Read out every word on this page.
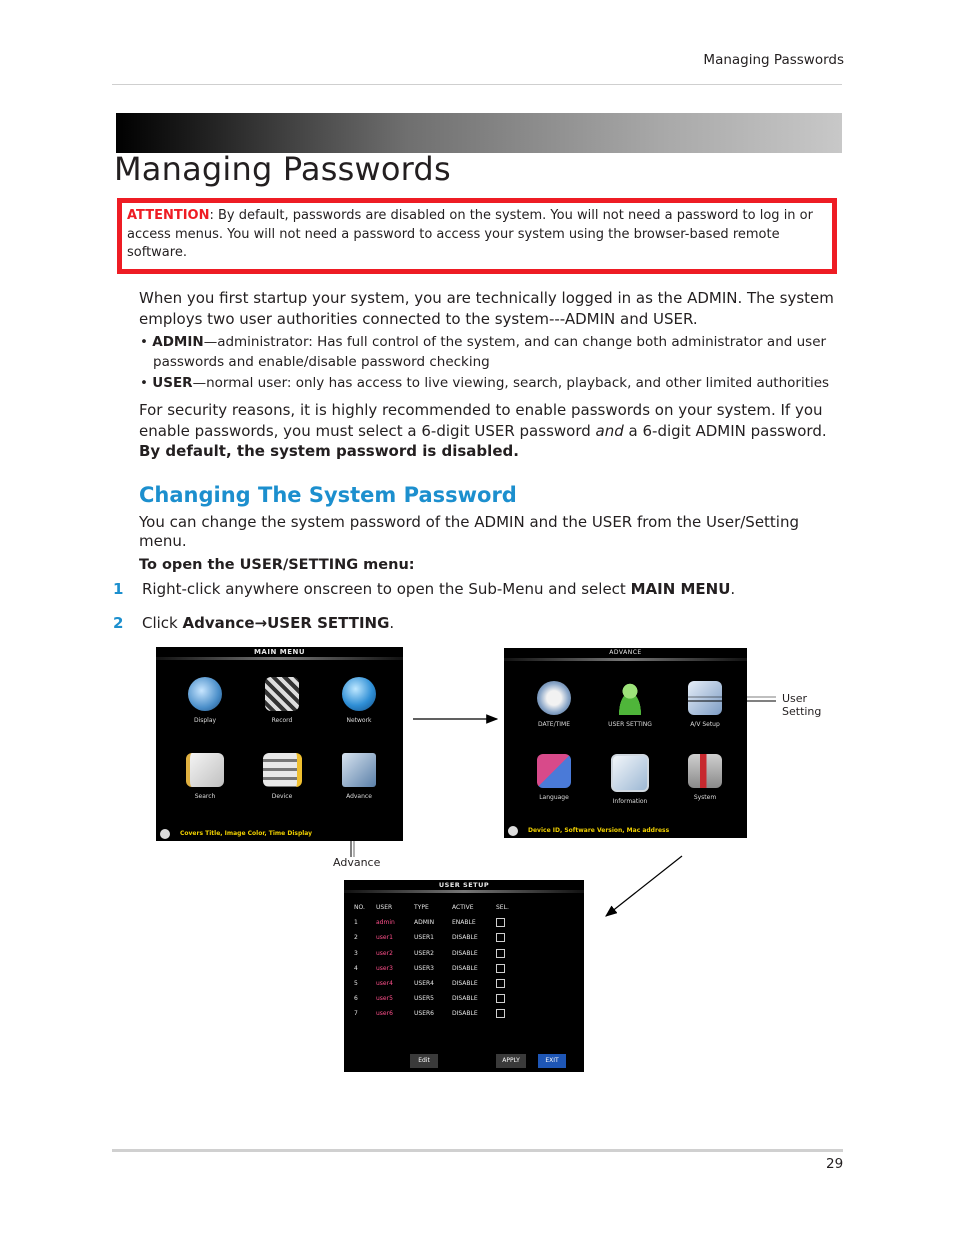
Managing Passwords
Managing Passwords
ATTENTION: By default, passwords are disabled on the system. You will not need a password to log in or access menus. You will not need a password to access your system using the browser-based remote software.
When you first startup your system, you are technically logged in as the ADMIN. The system employs two user authorities connected to the system---ADMIN and USER.
• ADMIN—administrator: Has full control of the system, and can change both administrator and user passwords and enable/disable password checking
• USER—normal user: only has access to live viewing, search, playback, and other limited authorities
For security reasons, it is highly recommended to enable passwords on your system. If you enable passwords, you must select a 6-digit USER password and a 6-digit ADMIN password. By default, the system password is disabled.
Changing The System Password
You can change the system password of the ADMIN and the USER from the User/Setting menu.
To open the USER/SETTING menu:
1 Right-click anywhere onscreen to open the Sub-Menu and select MAIN MENU.
2 Click Advance→USER SETTING.
MAIN MENU
Display	Record	Network
Search	Device	Advance
Covers Title, Image Color, Time Display
ADVANCE
DATE/TIME	USER SETTING	A/V Setup
Language
Information
System
Device ID, Software Version, Mac address
USER SETUP
NO.	USER	TYPE	ACTIVE	SEL.
1	admin	ADMIN	ENABLE
2	user1	USER1	DISABLE
3	user2	USER2	DISABLE
4	user3	USER3	DISABLE
5	user4	USER4	DISABLE
6	user5	USER5	DISABLE
7	user6	USER6	DISABLE
Edit	APPLY	EXIT
User
Setting
Advance
29
